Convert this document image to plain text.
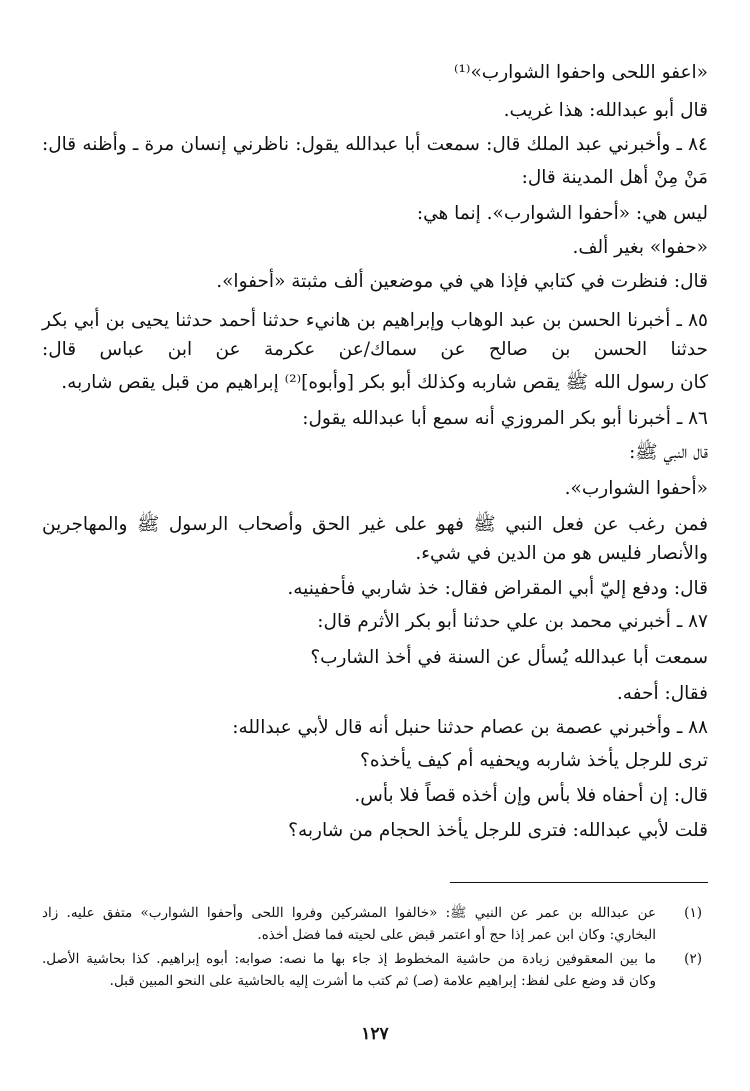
«اعفو اللحى واحفوا الشوارب»⁽¹⁾
قال أبو عبدالله: هذا غريب.
٨٤ ـ وأخبرني عبد الملك قال: سمعت أبا عبدالله يقول: ناظرني إنسان مرة ـ وأظنه قال:
مَنْ مِنْ أهل المدينة قال:
ليس هي: «أحفوا الشوارب». إنما هي:
«حفوا» بغير ألف.
قال: فنظرت في كتابي فإذا هي في موضعين ألف مثبتة «أحفوا».
٨٥ ـ أخبرنا الحسن بن عبد الوهاب وإبراهيم بن هانيء حدثنا أحمد حدثنا يحيى بن أبي بكر
حدثنا الحسن بن صالح عن سماك/عن عكرمة عن ابن عباس قال:
كان رسول الله ﷺ يقص شاربه وكذلك أبو بكر [وأبوه]⁽²⁾ إبراهيم من قبل يقص شاربه.
٨٦ ـ أخبرنا أبو بكر المروزي أنه سمع أبا عبدالله يقول:
قال النبي ﷺ:
«أحفوا الشوارب».
فمن رغب عن فعل النبي ﷺ فهو على غير الحق وأصحاب الرسول ﷺ والمهاجرين
والأنصار فليس هو من الدين في شيء.
قال: ودفع إليّ أبي المقراض فقال: خذ شاربي فأحفينيه.
٨٧ ـ أخبرني محمد بن علي حدثنا أبو بكر الأثرم قال:
سمعت أبا عبدالله يُسأل عن السنة في أخذ الشارب؟
فقال: أحفه.
٨٨ ـ وأخبرني عصمة بن عصام حدثنا حنبل أنه قال لأبي عبدالله:
ترى للرجل يأخذ شاربه ويحفيه أم كيف يأخذه؟
قال: إن أحفاه فلا بأس وإن أخذه قصاً فلا بأس.
قلت لأبي عبدالله: فترى للرجل يأخذ الحجام من شاربه؟
(١)
عن عبدالله بن عمر عن النبي ﷺ: «خالفوا المشركين وفروا اللحى وأحفوا الشوارب» متفق عليه. زاد
البخاري: وكان ابن عمر إذا حج أو اعتمر قبض على لحيته فما فضل أخذه.
(٢)
ما بين المعقوفين زيادة من حاشية المخطوط إذ جاء بها ما نصه: صوابه: أبوه إبراهيم. كذا بحاشية الأصل.
وكان قد وضع على لفظ: إبراهيم علامة (صـ) ثم كتب ما أشرت إليه بالحاشية على النحو المبين قبل.
١٢٧
